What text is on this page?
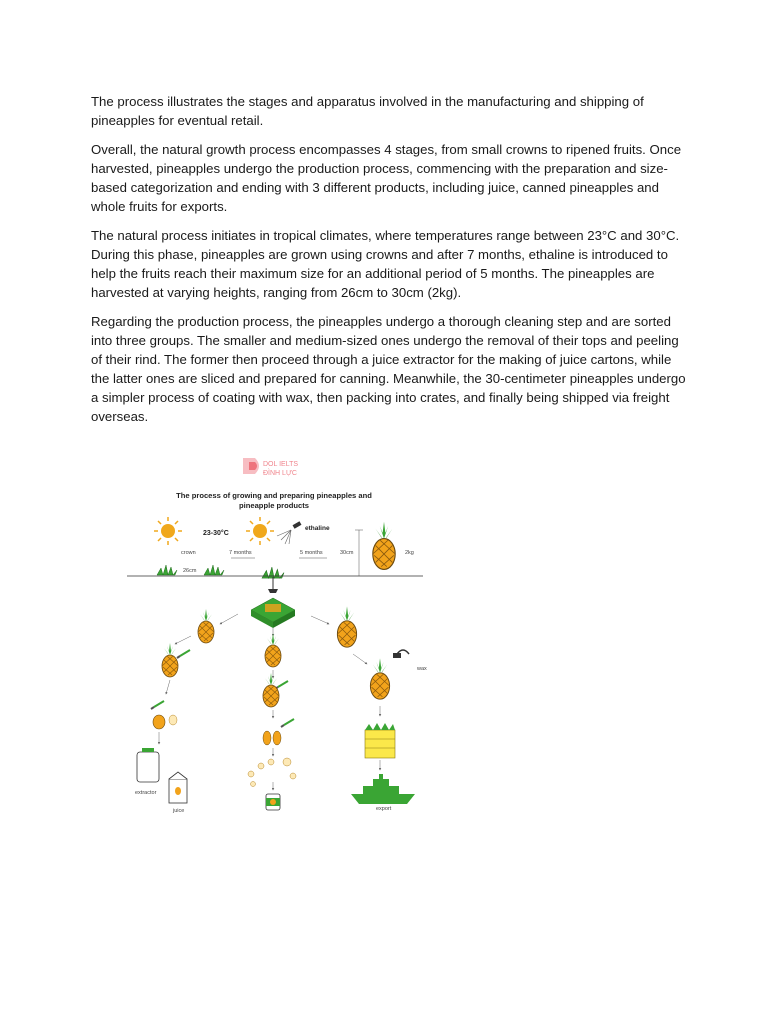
The process illustrates the stages and apparatus involved in the manufacturing and shipping of pineapples for eventual retail.

Overall, the natural growth process encompasses 4 stages, from small crowns to ripened fruits. Once harvested, pineapples undergo the production process, commencing with the preparation and size-based categorization and ending with 3 different products, including juice, canned pineapples and whole fruits for exports.

The natural process initiates in tropical climates, where temperatures range between 23°C and 30°C. During this phase, pineapples are grown using crowns and after 7 months, ethaline is introduced to help the fruits reach their maximum size for an additional period of 5 months. The pineapples are harvested at varying heights, ranging from 26cm to 30cm (2kg).

Regarding the production process, the pineapples undergo a thorough cleaning step and are sorted into three groups. The smaller and medium-sized ones undergo the removal of their tops and peeling of their rind. The former then proceed through a juice extractor for the making of juice cartons, while the latter ones are sliced and prepared for canning. Meanwhile, the 30-centimeter pineapples undergo a simpler process of coating with wax, then packing into crates, and finally being shipped via freight overseas.

DOL IELTS
ĐÌNH LỰC
The process of growing and preparing pineapples and
pineapple products
23-30°C
ethaline
crown	7 months	5 months	30cm	2kg
26cm
extractor
juice
wax
export
